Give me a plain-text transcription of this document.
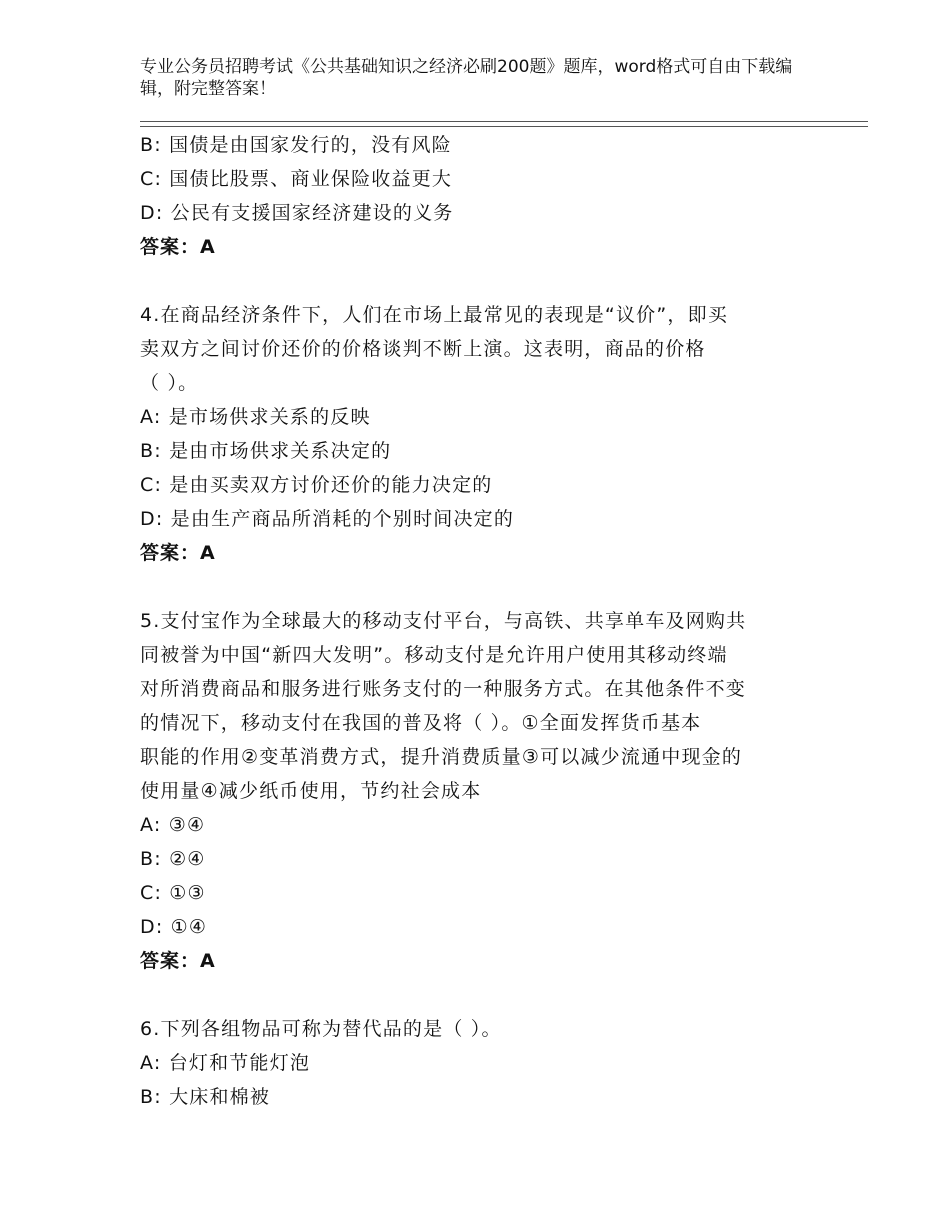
专业公务员招聘考试《公共基础知识之经济必刷200题》题库，word格式可自由下载编辑，附完整答案！
B: 国债是由国家发行的，没有风险
C: 国债比股票、商业保险收益更大
D: 公民有支援国家经济建设的义务
答案：A
4.在商品经济条件下，人们在市场上最常见的表现是“议价”，即买
卖双方之间讨价还价的价格谈判不断上演。这表明，商品的价格
（ ）。
A: 是市场供求关系的反映
B: 是由市场供求关系决定的
C: 是由买卖双方讨价还价的能力决定的
D: 是由生产商品所消耗的个别时间决定的
答案：A
5.支付宝作为全球最大的移动支付平台，与高铁、共享单车及网购共
同被誉为中国“新四大发明”。移动支付是允许用户使用其移动终端
对所消费商品和服务进行账务支付的一种服务方式。在其他条件不变
的情况下，移动支付在我国的普及将（ ）。①全面发挥货币基本
职能的作用②变革消费方式，提升消费质量③可以减少流通中现金的
使用量④减少纸币使用，节约社会成本
A: ③④
B: ②④
C: ①③
D: ①④
答案：A
6.下列各组物品可称为替代品的是（ ）。
A: 台灯和节能灯泡
B: 大床和棉被
